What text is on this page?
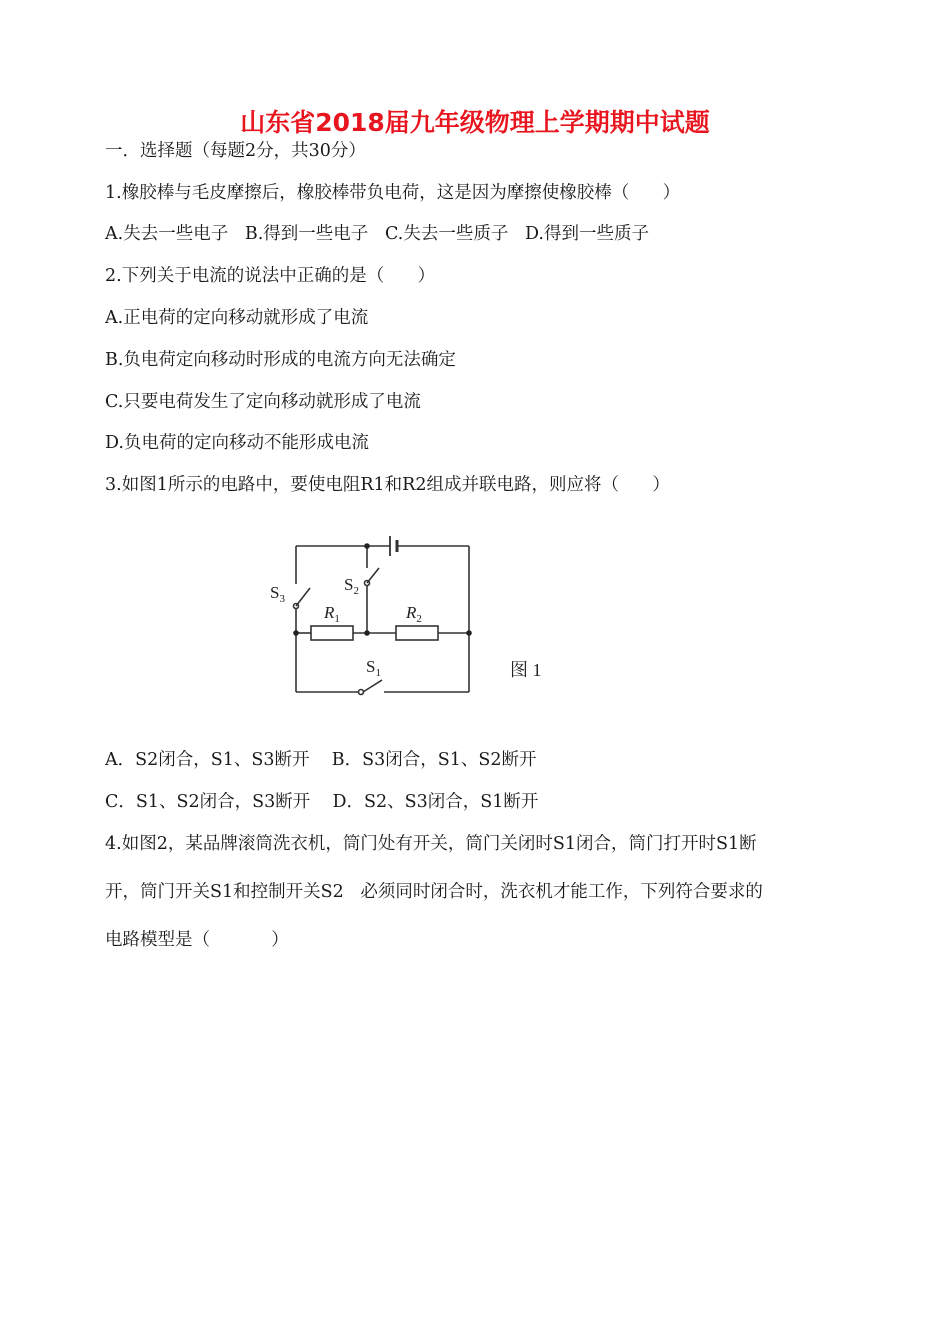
山东省2018届九年级物理上学期期中试题
一．选择题（每题2分，共30分）
1.橡胶棒与毛皮摩擦后，橡胶棒带负电荷，这是因为摩擦使橡胶棒（      ）
A.失去一些电子   B.得到一些电子   C.失去一些质子   D.得到一些质子
2.下列关于电流的说法中正确的是（      ）
A.正电荷的定向移动就形成了电流
B.负电荷定向移动时形成的电流方向无法确定
C.只要电荷发生了定向移动就形成了电流
D.负电荷的定向移动不能形成电流
3.如图1所示的电路中，要使电阻R1和R2组成并联电路，则应将（      ）
$S_3$
$S_2$
$R_1$	$R_2$
$S_1$	图 1
A．S2闭合，S1、S3断开    B．S3闭合，S1、S2断开
C．S1、S2闭合，S3断开    D．S2、S3闭合，S1断开
4.如图2，某品牌滚筒洗衣机，筒门处有开关，筒门关闭时S1闭合，筒门打开时S1断
开，筒门开关S1和控制开关S2   必须同时闭合时，洗衣机才能工作，下列符合要求的
电路模型是（           ）
